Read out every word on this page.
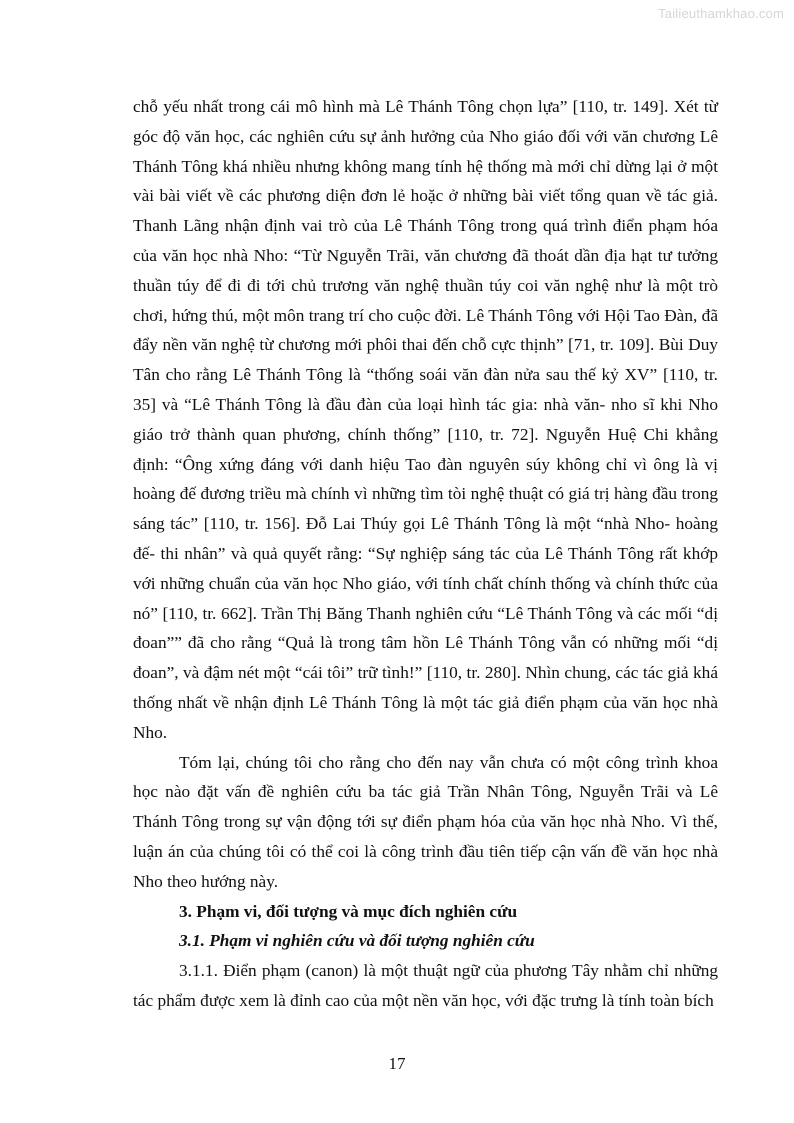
Tailieuthamkhao.com

chỗ yếu nhất trong cái mô hình mà Lê Thánh Tông chọn lựa” [110, tr. 149]. Xét từ góc độ văn học, các nghiên cứu sự ảnh hưởng của Nho giáo đối với văn chương Lê Thánh Tông khá nhiều nhưng không mang tính hệ thống mà mới chỉ dừng lại ở một vài bài viết về các phương diện đơn lẻ hoặc ở những bài viết tổng quan về tác giả. Thanh Lãng nhận định vai trò của Lê Thánh Tông trong quá trình điển phạm hóa của văn học nhà Nho: “Từ Nguyễn Trãi, văn chương đã thoát dần địa hạt tư tưởng thuần túy để đi đi tới chủ trương văn nghệ thuần túy coi văn nghệ như là một trò chơi, hứng thú, một môn trang trí cho cuộc đời. Lê Thánh Tông với Hội Tao Đàn, đã đẩy nền văn nghệ từ chương mới phôi thai đến chỗ cực thịnh” [71, tr. 109]. Bùi Duy Tân cho rằng Lê Thánh Tông là “thống soái văn đàn nửa sau thế kỷ XV” [110, tr. 35] và “Lê Thánh Tông là đầu đàn của loại hình tác gia: nhà văn- nho sĩ khi Nho giáo trở thành quan phương, chính thống” [110, tr. 72]. Nguyễn Huệ Chi khẳng định: “Ông xứng đáng với danh hiệu Tao đàn nguyên súy không chỉ vì ông là vị hoàng đế đương triều mà chính vì những tìm tòi nghệ thuật có giá trị hàng đầu trong sáng tác” [110, tr. 156]. Đỗ Lai Thúy gọi Lê Thánh Tông là một “nhà Nho- hoàng đế- thi nhân” và quả quyết rằng: “Sự nghiệp sáng tác của Lê Thánh Tông rất khớp với những chuẩn của văn học Nho giáo, với tính chất chính thống và chính thức của nó” [110, tr. 662]. Trần Thị Băng Thanh nghiên cứu “Lê Thánh Tông và các mối “dị đoan”” đã cho rằng “Quả là trong tâm hồn Lê Thánh Tông vẫn có những mối “dị đoan”, và đậm nét một “cái tôi” trữ tình!” [110, tr. 280]. Nhìn chung, các tác giả khá thống nhất về nhận định Lê Thánh Tông là một tác giả điển phạm của văn học nhà Nho.

Tóm lại, chúng tôi cho rằng cho đến nay vẫn chưa có một công trình khoa học nào đặt vấn đề nghiên cứu ba tác giả Trần Nhân Tông, Nguyễn Trãi và Lê Thánh Tông trong sự vận động tới sự điển phạm hóa của văn học nhà Nho. Vì thế, luận án của chúng tôi có thể coi là công trình đầu tiên tiếp cận vấn đề văn học nhà Nho theo hướng này.

3. Phạm vi, đối tượng và mục đích nghiên cứu

3.1. Phạm vi nghiên cứu và đối tượng nghiên cứu

3.1.1. Điển phạm (canon) là một thuật ngữ của phương Tây nhằm chỉ những tác phẩm được xem là đỉnh cao của một nền văn học, với đặc trưng là tính toàn bích

17
